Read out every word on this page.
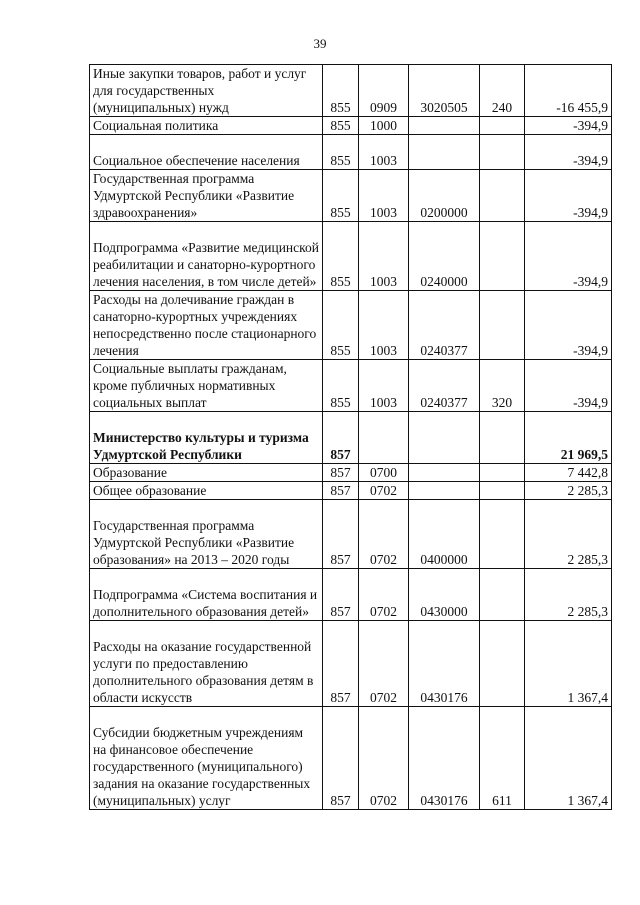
39
Иные закупки товаров, работ и услуг для государственных (муниципальных) нужд	855	0909	3020505	240	-16 455,9
Социальная политика	855	1000			-394,9
Социальное обеспечение населения	855	1003			-394,9
Государственная программа Удмуртской Республики «Развитие здравоохранения»	855	1003	0200000		-394,9
Подпрограмма «Развитие медицинской реабилитации и санаторно-курортного лечения населения, в том числе детей»	855	1003	0240000		-394,9
Расходы на долечивание граждан в санаторно-курортных учреждениях непосредственно после стационарного лечения	855	1003	0240377		-394,9
Социальные выплаты гражданам, кроме публичных нормативных социальных выплат	855	1003	0240377	320	-394,9
Министерство культуры и туризма Удмуртской Республики	857				21 969,5
Образование	857	0700			7 442,8
Общее образование	857	0702			2 285,3
Государственная программа Удмуртской Республики «Развитие образования» на 2013 – 2020 годы	857	0702	0400000		2 285,3
Подпрограмма «Система воспитания и дополнительного образования детей»	857	0702	0430000		2 285,3
Расходы на оказание государственной услуги по предоставлению дополнительного образования детям в области искусств	857	0702	0430176		1 367,4
Субсидии бюджетным учреждениям на финансовое обеспечение государственного (муниципального) задания на оказание государственных (муниципальных) услуг	857	0702	0430176	611	1 367,4
